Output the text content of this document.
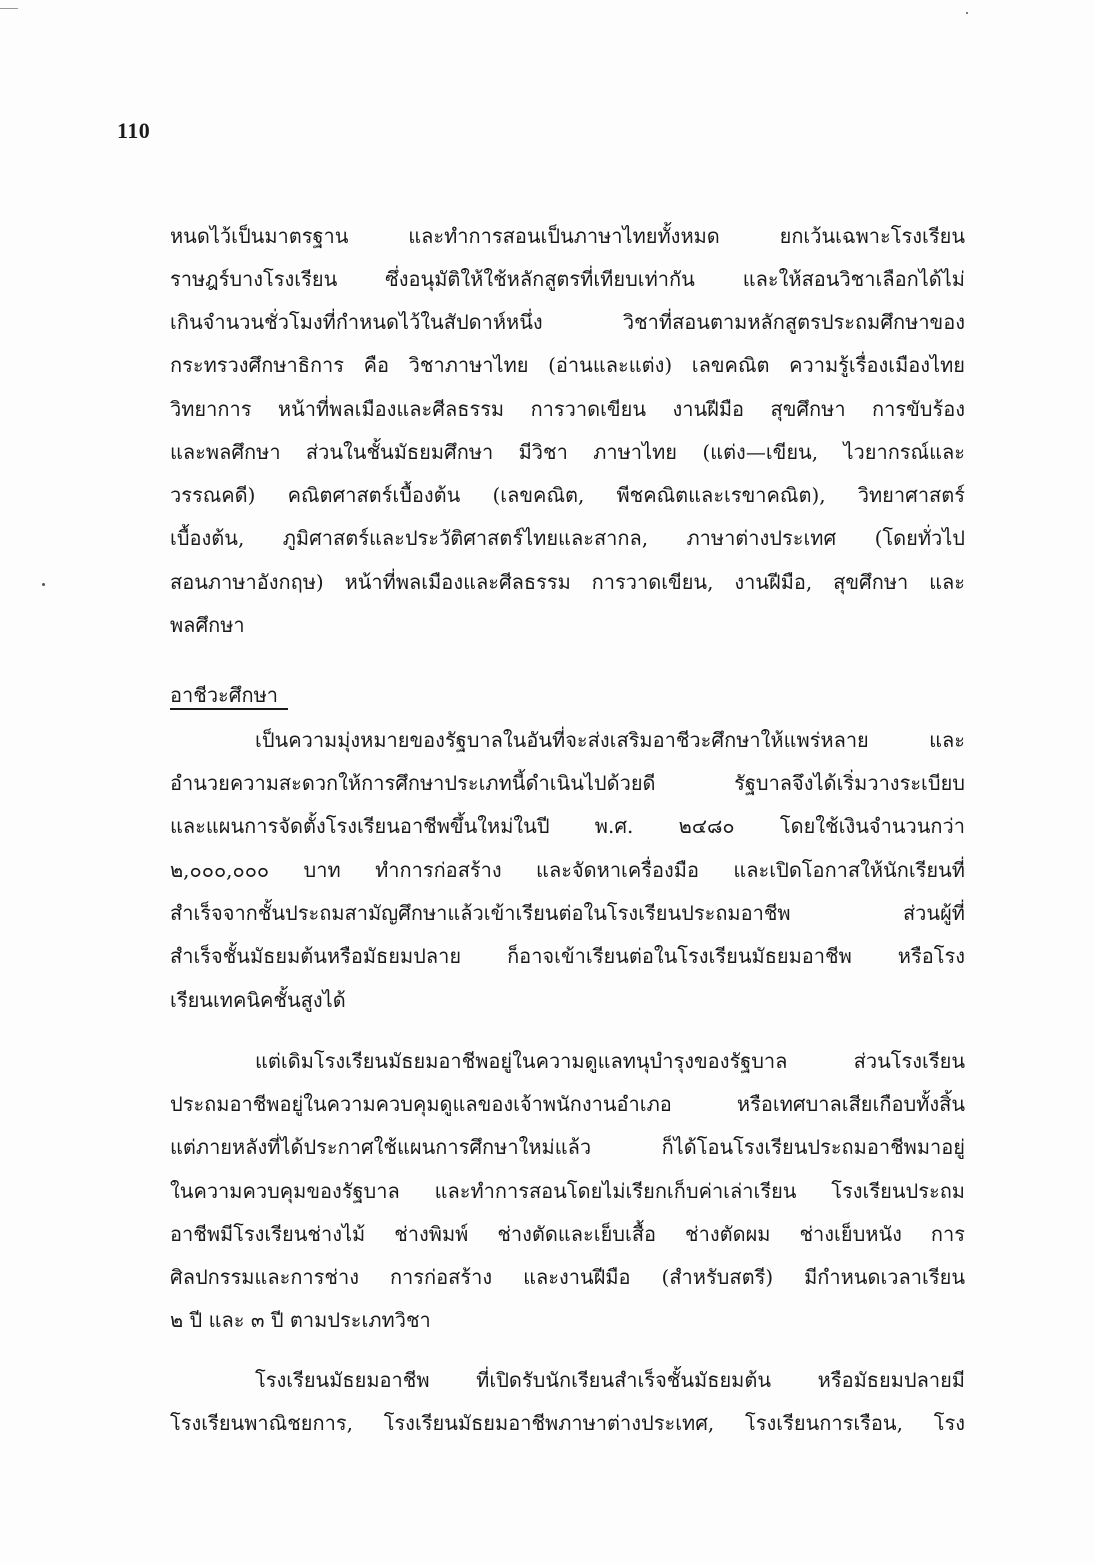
110
หนดไว้เป็นมาตรฐาน และทำการสอนเป็นภาษาไทยทั้งหมด ยกเว้นเฉพาะโรงเรียน
ราษฎร์บางโรงเรียน ซึ่งอนุมัติให้ใช้หลักสูตรที่เทียบเท่ากัน และให้สอนวิชาเลือกได้ไม่
เกินจำนวนชั่วโมงที่กำหนดไว้ในสัปดาห์หนึ่ง วิชาที่สอนตามหลักสูตรประถมศึกษาของ
กระทรวงศึกษาธิการ คือ วิชาภาษาไทย (อ่านและแต่ง) เลขคณิต ความรู้เรื่องเมืองไทย
วิทยาการ หน้าที่พลเมืองและศีลธรรม การวาดเขียน งานฝีมือ สุขศึกษา การขับร้อง
และพลศึกษา ส่วนในชั้นมัธยมศึกษา มีวิชา ภาษาไทย (แต่ง—เขียน, ไวยากรณ์และ
วรรณคดี) คณิตศาสตร์เบื้องต้น (เลขคณิต, พีชคณิตและเรขาคณิต), วิทยาศาสตร์
เบื้องต้น, ภูมิศาสตร์และประวัติศาสตร์ไทยและสากล, ภาษาต่างประเทศ (โดยทั่วไป
สอนภาษาอังกฤษ) หน้าที่พลเมืองและศีลธรรม การวาดเขียน, งานฝีมือ, สุขศึกษา และ
พลศึกษา
อาชีวะศึกษา
เป็นความมุ่งหมายของรัฐบาลในอันที่จะส่งเสริมอาชีวะศึกษาให้แพร่หลาย และ
อำนวยความสะดวกให้การศึกษาประเภทนี้ดำเนินไปด้วยดี รัฐบาลจึงได้เริ่มวางระเบียบ
และแผนการจัดตั้งโรงเรียนอาชีพขึ้นใหม่ในปี พ.ศ. ๒๔๘๐ โดยใช้เงินจำนวนกว่า
๒,๐๐๐,๐๐๐ บาท ทำการก่อสร้าง และจัดหาเครื่องมือ และเปิดโอกาสให้นักเรียนที่
สำเร็จจากชั้นประถมสามัญศึกษาแล้วเข้าเรียนต่อในโรงเรียนประถมอาชีพ ส่วนผู้ที่
สำเร็จชั้นมัธยมต้นหรือมัธยมปลาย ก็อาจเข้าเรียนต่อในโรงเรียนมัธยมอาชีพ หรือโรง
เรียนเทคนิคชั้นสูงได้
แต่เดิมโรงเรียนมัธยมอาชีพอยู่ในความดูแลทนุบำรุงของรัฐบาล ส่วนโรงเรียน
ประถมอาชีพอยู่ในความควบคุมดูแลของเจ้าพนักงานอำเภอ หรือเทศบาลเสียเกือบทั้งสิ้น
แต่ภายหลังที่ได้ประกาศใช้แผนการศึกษาใหม่แล้ว ก็ได้โอนโรงเรียนประถมอาชีพมาอยู่
ในความควบคุมของรัฐบาล และทำการสอนโดยไม่เรียกเก็บค่าเล่าเรียน โรงเรียนประถม
อาชีพมีโรงเรียนช่างไม้ ช่างพิมพ์ ช่างตัดและเย็บเสื้อ ช่างตัดผม ช่างเย็บหนัง การ
ศิลปกรรมและการช่าง การก่อสร้าง และงานฝีมือ (สำหรับสตรี) มีกำหนดเวลาเรียน
๒ ปี และ ๓ ปี ตามประเภทวิชา
โรงเรียนมัธยมอาชีพ ที่เปิดรับนักเรียนสำเร็จชั้นมัธยมต้น หรือมัธยมปลายมี
โรงเรียนพาณิชยการ, โรงเรียนมัธยมอาชีพภาษาต่างประเทศ, โรงเรียนการเรือน, โรง
